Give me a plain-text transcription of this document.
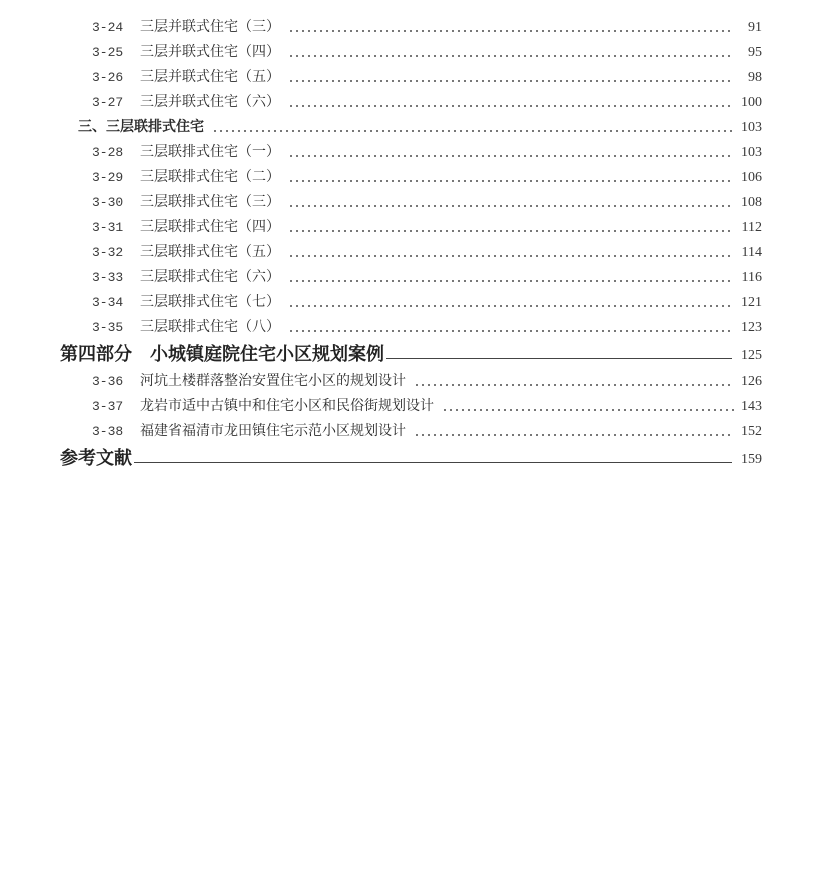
3-24	三层并联式住宅（三）	91
3-25	三层并联式住宅（四）	95
3-26	三层并联式住宅（五）	98
3-27	三层并联式住宅（六）	100
三、三层联排式住宅	103
3-28	三层联排式住宅（一）	103
3-29	三层联排式住宅（二）	106
3-30	三层联排式住宅（三）	108
3-31	三层联排式住宅（四）	112
3-32	三层联排式住宅（五）	114
3-33	三层联排式住宅（六）	116
3-34	三层联排式住宅（七）	121
3-35	三层联排式住宅（八）	123
第四部分　小城镇庭院住宅小区规划案例	125
3-36	河坑土楼群落整治安置住宅小区的规划设计	126
3-37	龙岩市适中古镇中和住宅小区和民俗街规划设计	143
3-38	福建省福清市龙田镇住宅示范小区规划设计	152
参考文献	159
